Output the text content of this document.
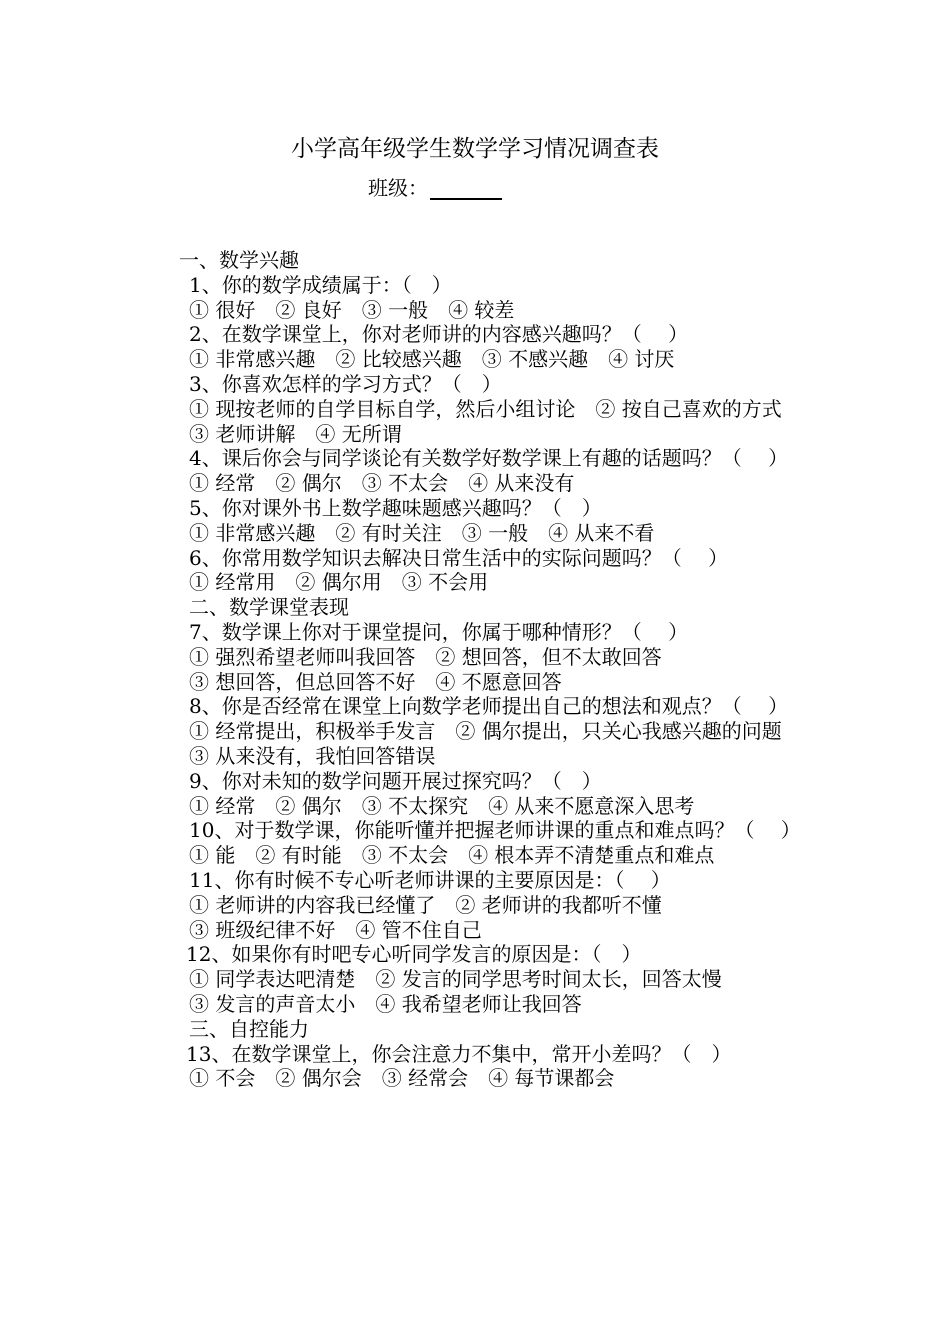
小学高年级学生数学学习情况调查表
班级：
一、数学兴趣
1、你的数学成绩属于：（　）
① 很好　② 良好　③ 一般　④ 较差
2、在数学课堂上，你对老师讲的内容感兴趣吗？（　 ）
① 非常感兴趣　② 比较感兴趣　③ 不感兴趣　④ 讨厌
3、你喜欢怎样的学习方式？（　）
① 现按老师的自学目标自学，然后小组讨论　② 按自己喜欢的方式
③ 老师讲解　④ 无所谓
4、课后你会与同学谈论有关数学好数学课上有趣的话题吗？（　 ）
① 经常　② 偶尔　③ 不太会　④ 从来没有
5、你对课外书上数学趣味题感兴趣吗？（　）
① 非常感兴趣　② 有时关注　③ 一般　④ 从来不看
6、你常用数学知识去解决日常生活中的实际问题吗？（　 ）
① 经常用　② 偶尔用　③ 不会用
二、数学课堂表现
7、数学课上你对于课堂提问，你属于哪种情形？（　 ）
① 强烈希望老师叫我回答　② 想回答，但不太敢回答
③ 想回答，但总回答不好　④ 不愿意回答
8、你是否经常在课堂上向数学老师提出自己的想法和观点？（　 ）
① 经常提出，积极举手发言　② 偶尔提出，只关心我感兴趣的问题
③ 从来没有，我怕回答错误
9、你对未知的数学问题开展过探究吗？（　）
① 经常　② 偶尔　③ 不太探究　④ 从来不愿意深入思考
10、对于数学课，你能听懂并把握老师讲课的重点和难点吗？（　 ）
① 能　② 有时能　③ 不太会　④ 根本弄不清楚重点和难点
11、你有时候不专心听老师讲课的主要原因是：（　 ）
① 老师讲的内容我已经懂了　② 老师讲的我都听不懂
③ 班级纪律不好　④ 管不住自己
12、如果你有时吧专心听同学发言的原因是：（　）
① 同学表达吧清楚　② 发言的同学思考时间太长，回答太慢
③ 发言的声音太小　④ 我希望老师让我回答
三、自控能力
13、在数学课堂上，你会注意力不集中，常开小差吗？（　）
① 不会　② 偶尔会　③ 经常会　④ 每节课都会
